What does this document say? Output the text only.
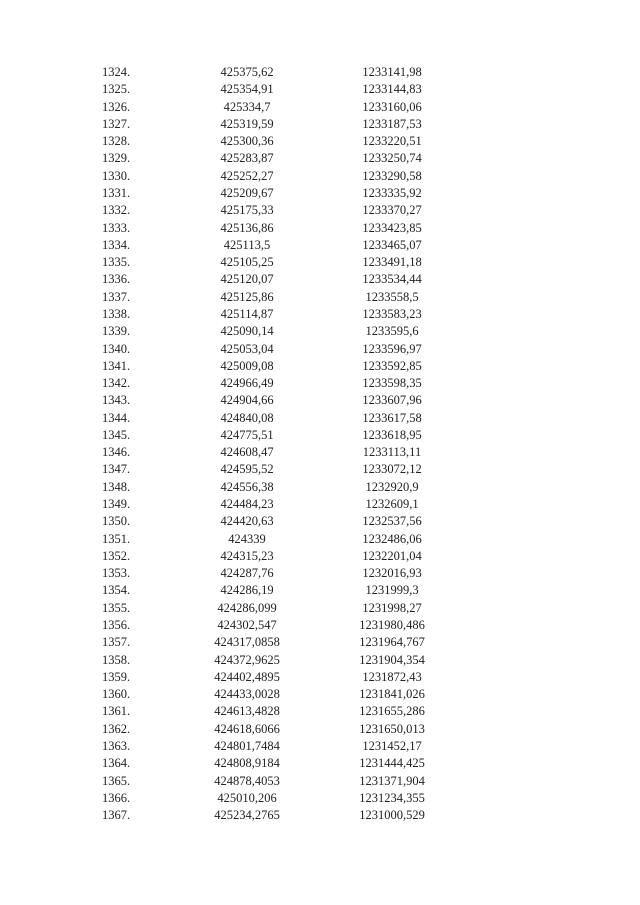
1324.	425375,62	1233141,98
1325.	425354,91	1233144,83
1326.	425334,7	1233160,06
1327.	425319,59	1233187,53
1328.	425300,36	1233220,51
1329.	425283,87	1233250,74
1330.	425252,27	1233290,58
1331.	425209,67	1233335,92
1332.	425175,33	1233370,27
1333.	425136,86	1233423,85
1334.	425113,5	1233465,07
1335.	425105,25	1233491,18
1336.	425120,07	1233534,44
1337.	425125,86	1233558,5
1338.	425114,87	1233583,23
1339.	425090,14	1233595,6
1340.	425053,04	1233596,97
1341.	425009,08	1233592,85
1342.	424966,49	1233598,35
1343.	424904,66	1233607,96
1344.	424840,08	1233617,58
1345.	424775,51	1233618,95
1346.	424608,47	1233113,11
1347.	424595,52	1233072,12
1348.	424556,38	1232920,9
1349.	424484,23	1232609,1
1350.	424420,63	1232537,56
1351.	424339	1232486,06
1352.	424315,23	1232201,04
1353.	424287,76	1232016,93
1354.	424286,19	1231999,3
1355.	424286,099	1231998,27
1356.	424302,547	1231980,486
1357.	424317,0858	1231964,767
1358.	424372,9625	1231904,354
1359.	424402,4895	1231872,43
1360.	424433,0028	1231841,026
1361.	424613,4828	1231655,286
1362.	424618,6066	1231650,013
1363.	424801,7484	1231452,17
1364.	424808,9184	1231444,425
1365.	424878,4053	1231371,904
1366.	425010,206	1231234,355
1367.	425234,2765	1231000,529
